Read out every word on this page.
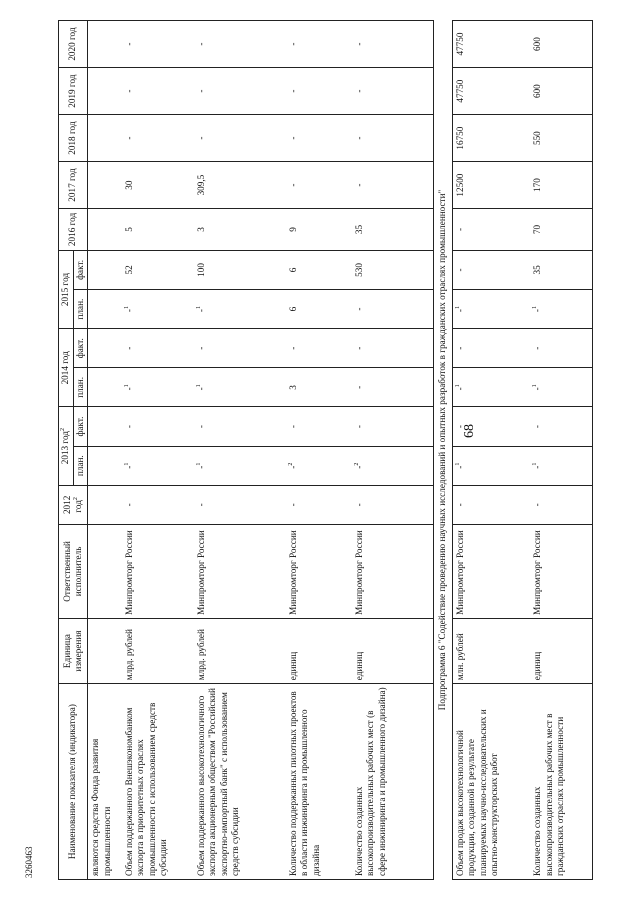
68
3260463
Наименование показателя (индикатора)	Единица измерения	Ответственный исполнитель	2012 год$^2$	2013 год$^2$		2014 год		2015 год		2016 год	2017 год	2018 год	2019 год	2020 год
				план.	факт.	план.	факт.	план.	факт.					
являются средства Фонда развития промышленности														
Объем поддержанного Внешэкономбанком экспорта в приоритетных отраслях промышленности с использованием средств субсидии	млрд. рублей	Минпромторг России	-	-$^1$	-	-$^1$	-	-$^1$	52	5	30	-	-	-
Объем поддержанного высокотехнологичного экспорта акционерным обществом "Российский экспортно-импортный банк" с использованием средств субсидии	млрд. рублей	Минпромторг России	-	-$^1$	-	-$^1$	-	-$^1$	100	3	309,5	-	-	-
Количество поддержанных пилотных проектов в области инжиниринга и промышленного дизайна	единиц	Минпромторг России	-	-$^2$	-	3	-	6	6	9	-	-	-	-
Количество созданных высокопроизводительных рабочих мест (в сфере инжиниринга и промышленного дизайна)	единиц	Минпромторг России	-	-$^2$	-	-	-	-	530	35	-	-	-	-
Подпрограмма 6 "Содействие проведению научных исследований и опытных разработок в гражданских отраслях промышленности"														
Объем продаж высокотехнологичной продукции, созданной в результате планируемых научно-исследовательских и опытно-конструкторских работ	млн. рублей	Минпромторг России	-	-$^1$	-	-$^1$	-	-$^1$	-	-	12500	16750	47750	47750
Количество созданных высокопроизводительных рабочих мест в гражданских отраслях промышленности	единиц	Минпромторг России	-	-$^1$	-	-$^1$	-	-$^1$	35	70	170	550	600	600
